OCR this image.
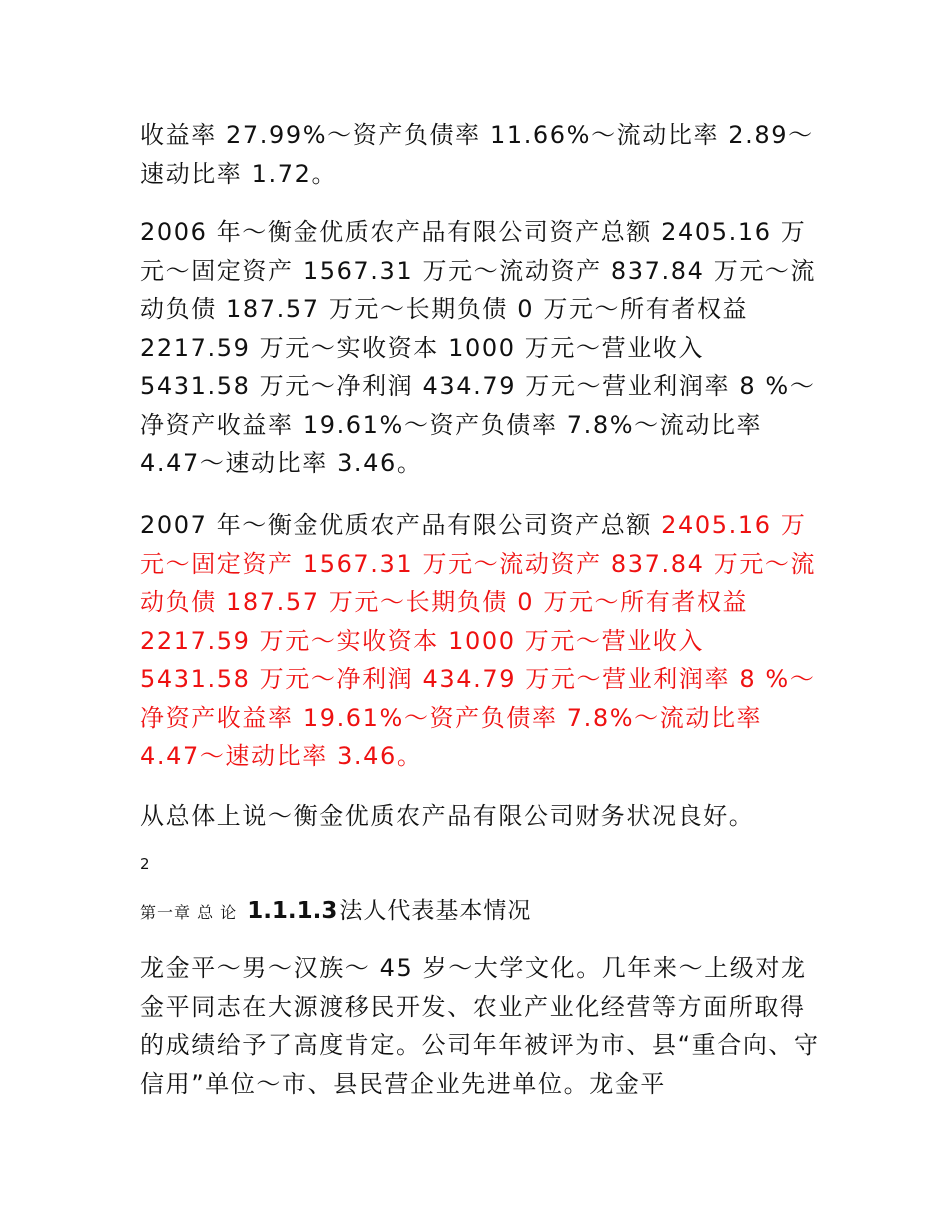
收益率 27.99%～资产负债率 11.66%～流动比率 2.89～速动比率 1.72。

2006 年～衡金优质农产品有限公司资产总额 2405.16 万元～固定资产 1567.31 万元～流动资产 837.84 万元～流动负债 187.57 万元～长期负债 0 万元～所有者权益 2217.59 万元～实收资本 1000 万元～营业收入 5431.58 万元～净利润 434.79 万元～营业利润率 8 %～净资产收益率 19.61%～资产负债率 7.8%～流动比率 4.47～速动比率 3.46。

2007 年～衡金优质农产品有限公司资产总额 2405.16 万元～固定资产 1567.31 万元～流动资产 837.84 万元～流动负债 187.57 万元～长期负债 0 万元～所有者权益 2217.59 万元～实收资本 1000 万元～营业收入 5431.58 万元～净利润 434.79 万元～营业利润率 8 %～净资产收益率 19.61%～资产负债率 7.8%～流动比率 4.47～速动比率 3.46。

从总体上说～衡金优质农产品有限公司财务状况良好。

2
第一章 总 论 1.1.1.3法人代表基本情况

龙金平～男～汉族～ 45 岁～大学文化。几年来～上级对龙金平同志在大源渡移民开发、农业产业化经营等方面所取得的成绩给予了高度肯定。公司年年被评为市、县“重合向、守信用”单位～市、县民营企业先进单位。龙金平
